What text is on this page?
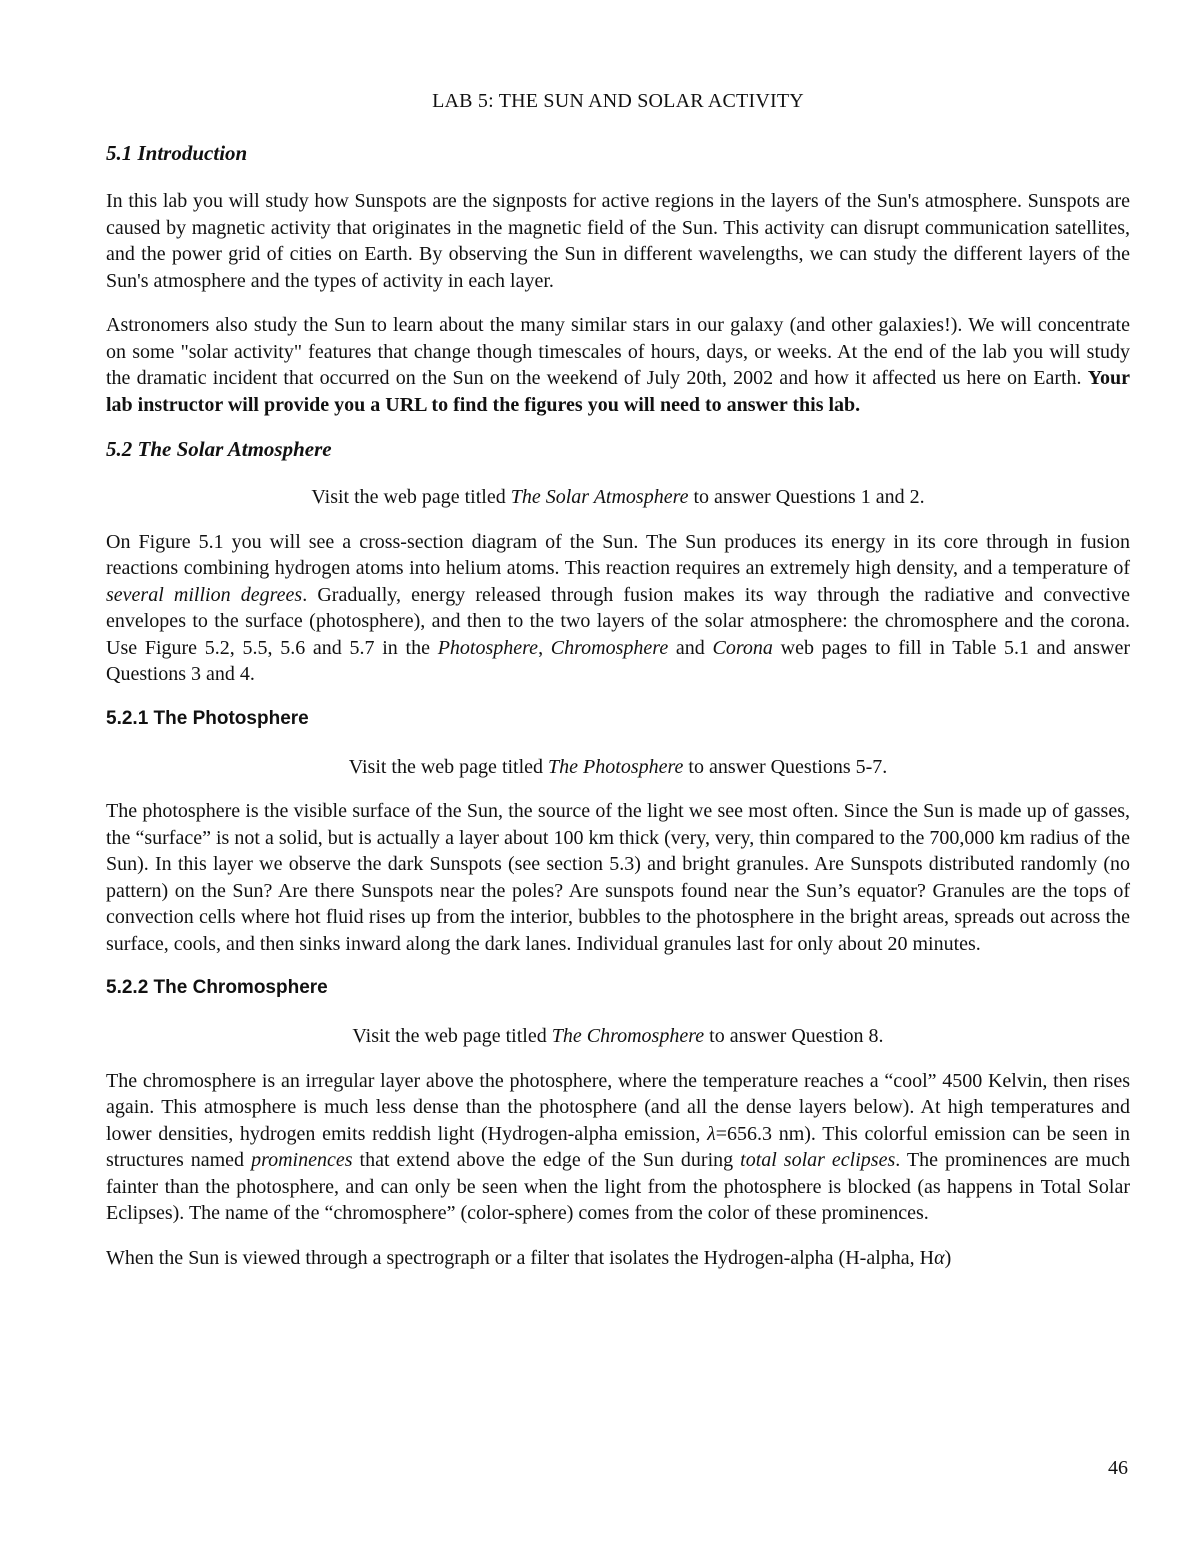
LAB 5: THE SUN AND SOLAR ACTIVITY
5.1 Introduction

In this lab you will study how Sunspots are the signposts for active regions in the layers of the Sun's atmosphere. Sunspots are caused by magnetic activity that originates in the magnetic field of the Sun. This activity can disrupt communication satellites, and the power grid of cities on Earth. By observing the Sun in different wavelengths, we can study the different layers of the Sun's atmosphere and the types of activity in each layer.

Astronomers also study the Sun to learn about the many similar stars in our galaxy (and other galaxies!). We will concentrate on some "solar activity" features that change though timescales of hours, days, or weeks. At the end of the lab you will study the dramatic incident that occurred on the Sun on the weekend of July 20th, 2002 and how it affected us here on Earth. Your lab instructor will provide you a URL to find the figures you will need to answer this lab.

5.2 The Solar Atmosphere

Visit the web page titled The Solar Atmosphere to answer Questions 1 and 2.

On Figure 5.1 you will see a cross-section diagram of the Sun. The Sun produces its energy in its core through in fusion reactions combining hydrogen atoms into helium atoms. This reaction requires an extremely high density, and a temperature of several million degrees. Gradually, energy released through fusion makes its way through the radiative and convective envelopes to the surface (photosphere), and then to the two layers of the solar atmosphere: the chromosphere and the corona. Use Figure 5.2, 5.5, 5.6 and 5.7 in the Photosphere, Chromosphere and Corona web pages to fill in Table 5.1 and answer Questions 3 and 4.

5.2.1 The Photosphere

Visit the web page titled The Photosphere to answer Questions 5-7.

The photosphere is the visible surface of the Sun, the source of the light we see most often. Since the Sun is made up of gasses, the “surface” is not a solid, but is actually a layer about 100 km thick (very, very, thin compared to the 700,000 km radius of the Sun). In this layer we observe the dark Sunspots (see section 5.3) and bright granules. Are Sunspots distributed randomly (no pattern) on the Sun? Are there Sunspots near the poles? Are sunspots found near the Sun’s equator? Granules are the tops of convection cells where hot fluid rises up from the interior, bubbles to the photosphere in the bright areas, spreads out across the surface, cools, and then sinks inward along the dark lanes. Individual granules last for only about 20 minutes.

5.2.2 The Chromosphere

Visit the web page titled The Chromosphere to answer Question 8.

The chromosphere is an irregular layer above the photosphere, where the temperature reaches a “cool” 4500 Kelvin, then rises again. This atmosphere is much less dense than the photosphere (and all the dense layers below). At high temperatures and lower densities, hydrogen emits reddish light (Hydrogen-alpha emission, λ=656.3 nm). This colorful emission can be seen in structures named prominences that extend above the edge of the Sun during total solar eclipses. The prominences are much fainter than the photosphere, and can only be seen when the light from the photosphere is blocked (as happens in Total Solar Eclipses). The name of the “chromosphere” (color-sphere) comes from the color of these prominences.

When the Sun is viewed through a spectrograph or a filter that isolates the Hydrogen-alpha (H-alpha, Hα)

46
